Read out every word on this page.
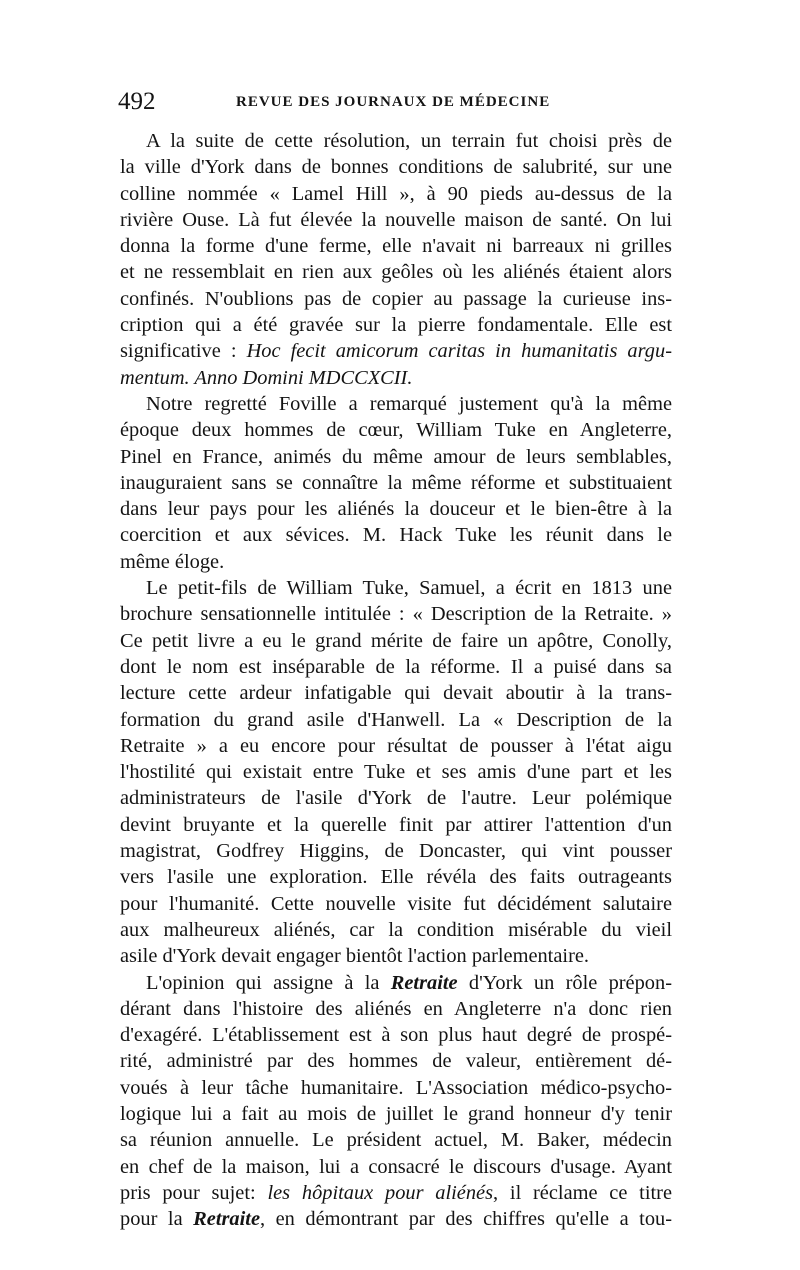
492	REVUE DES JOURNAUX DE MÉDECINE

A la suite de cette résolution, un terrain fut choisi près de
la ville d'York dans de bonnes conditions de salubrité, sur une
colline nommée « Lamel Hill », à 90 pieds au-dessus de la
rivière Ouse. Là fut élevée la nouvelle maison de santé. On lui
donna la forme d'une ferme, elle n'avait ni barreaux ni grilles
et ne ressemblait en rien aux geôles où les aliénés étaient alors
confinés. N'oublions pas de copier au passage la curieuse ins-
cription qui a été gravée sur la pierre fondamentale. Elle est
significative : Hoc fecit amicorum caritas in humanitatis argu-
mentum. Anno Domini MDCCXCII.

Notre regretté Foville a remarqué justement qu'à la même
époque deux hommes de cœur, William Tuke en Angleterre,
Pinel en France, animés du même amour de leurs semblables,
inauguraient sans se connaître la même réforme et substituaient
dans leur pays pour les aliénés la douceur et le bien-être à la
coercition et aux sévices. M. Hack Tuke les réunit dans le
même éloge.

Le petit-fils de William Tuke, Samuel, a écrit en 1813 une
brochure sensationnelle intitulée : « Description de la Retraite. »
Ce petit livre a eu le grand mérite de faire un apôtre, Conolly,
dont le nom est inséparable de la réforme. Il a puisé dans sa
lecture cette ardeur infatigable qui devait aboutir à la trans-
formation du grand asile d'Hanwell. La « Description de la
Retraite » a eu encore pour résultat de pousser à l'état aigu
l'hostilité qui existait entre Tuke et ses amis d'une part et les
administrateurs de l'asile d'York de l'autre. Leur polémique
devint bruyante et la querelle finit par attirer l'attention d'un
magistrat, Godfrey Higgins, de Doncaster, qui vint pousser
vers l'asile une exploration. Elle révéla des faits outrageants
pour l'humanité. Cette nouvelle visite fut décidément salutaire
aux malheureux aliénés, car la condition misérable du vieil
asile d'York devait engager bientôt l'action parlementaire.

L'opinion qui assigne à la Retraite d'York un rôle prépon-
dérant dans l'histoire des aliénés en Angleterre n'a donc rien
d'exagéré. L'établissement est à son plus haut degré de prospé-
rité, administré par des hommes de valeur, entièrement dé-
voués à leur tâche humanitaire. L'Association médico-psycho-
logique lui a fait au mois de juillet le grand honneur d'y tenir
sa réunion annuelle. Le président actuel, M. Baker, médecin
en chef de la maison, lui a consacré le discours d'usage. Ayant
pris pour sujet: les hôpitaux pour aliénés, il réclame ce titre
pour la Retraite, en démontrant par des chiffres qu'elle a tou-
